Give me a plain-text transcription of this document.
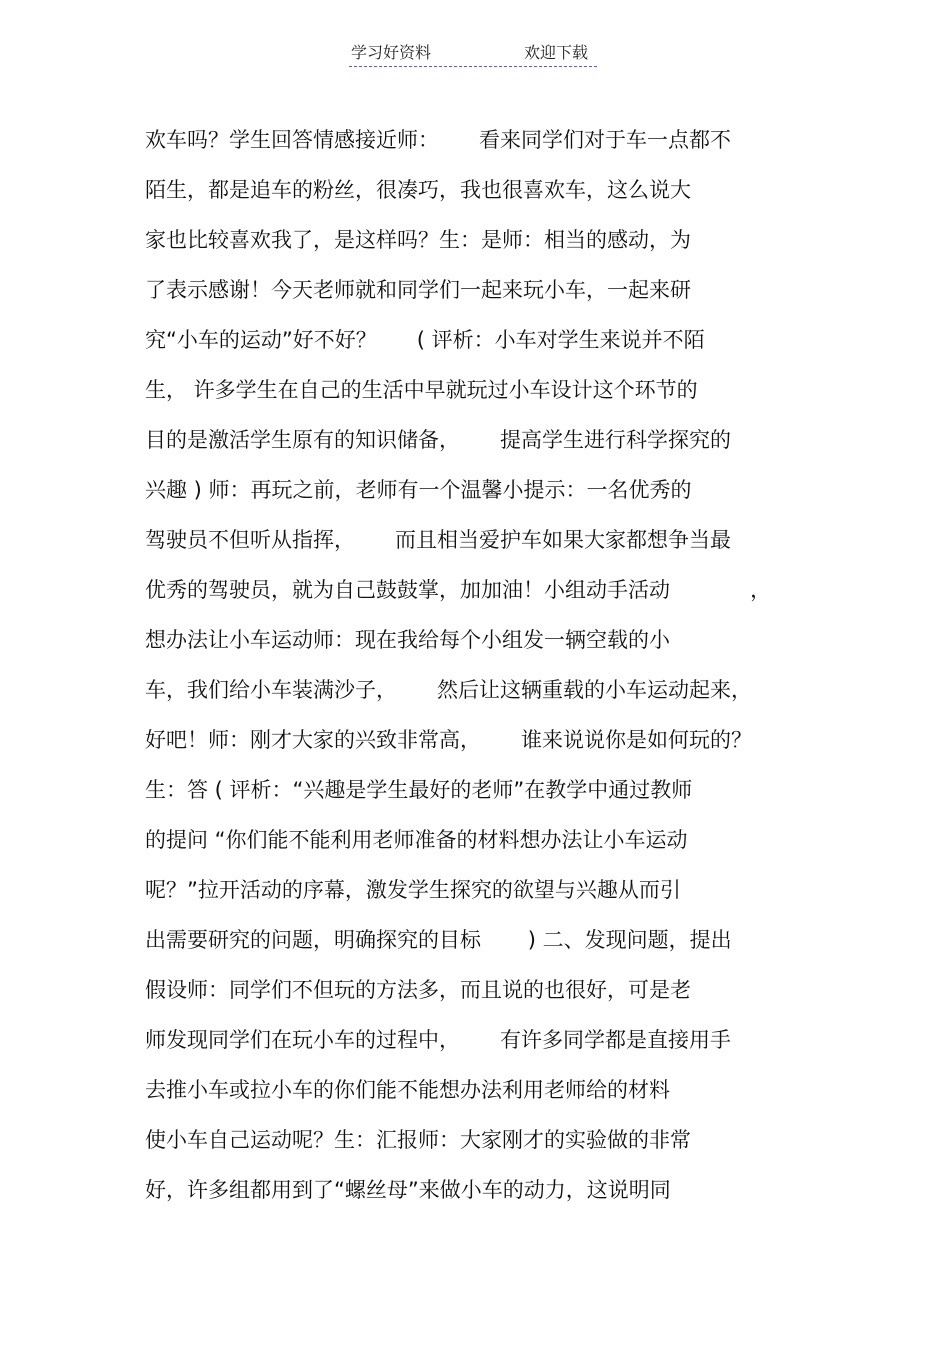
学习好资料	欢迎下载
欢车吗？学生回答情感接近师：      看来同学们对于车一点都不
陌生，都是追车的粉丝，很凑巧，我也很喜欢车，这么说大
家也比较喜欢我了，是这样吗？生：是师：相当的感动，为
了表示感谢！今天老师就和同学们一起来玩小车，一起来研
究“小车的运动”好不好？      ( 评析：小车对学生来说并不陌
生， 许多学生在自己的生活中早就玩过小车设计这个环节的
目的是激活学生原有的知识储备，      提高学生进行科学探究的
兴趣 ) 师：再玩之前，老师有一个温馨小提示：一名优秀的
驾驶员不但听从指挥，      而且相当爱护车如果大家都想争当最
优秀的驾驶员，就为自己鼓鼓掌，加加油！小组动手活动            ，
想办法让小车运动师：现在我给每个小组发一辆空载的小
车，我们给小车装满沙子，      然后让这辆重载的小车运动起来，
好吧！师：刚才大家的兴致非常高，      谁来说说你是如何玩的？
生：答 ( 评析：“兴趣是学生最好的老师”在教学中通过教师
的提问 “你们能不能利用老师准备的材料想办法让小车运动
呢？”拉开活动的序幕，激发学生探究的欲望与兴趣从而引
出需要研究的问题，明确探究的目标       ) 二、发现问题，提出
假设师：同学们不但玩的方法多，而且说的也很好，可是老
师发现同学们在玩小车的过程中，      有许多同学都是直接用手
去推小车或拉小车的你们能不能想办法利用老师给的材料
使小车自己运动呢？生：汇报师：大家刚才的实验做的非常
好，许多组都用到了“螺丝母”来做小车的动力，这说明同
